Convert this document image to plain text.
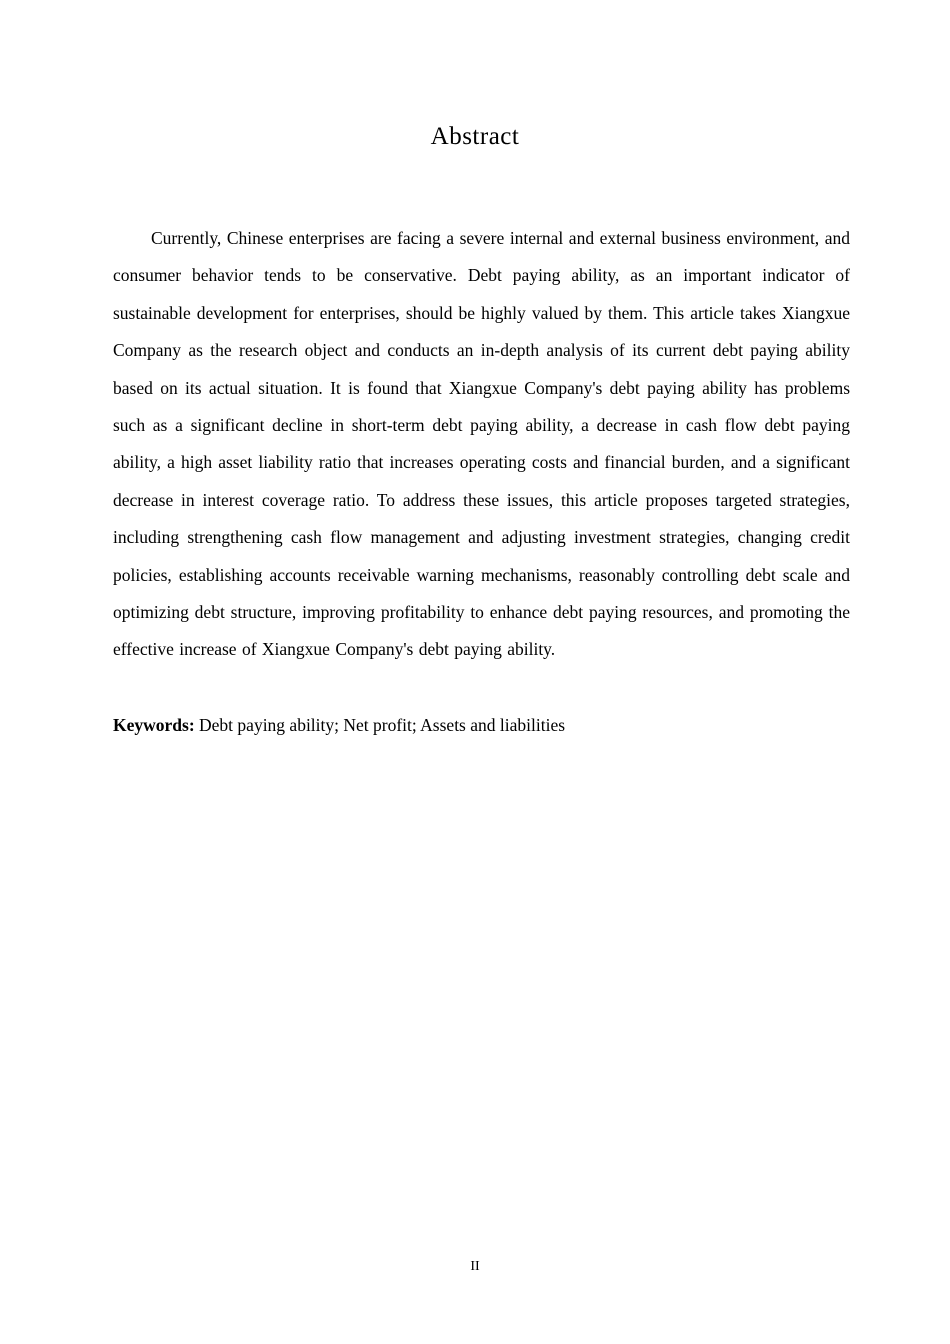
Abstract

Currently, Chinese enterprises are facing a severe internal and external business environment, and consumer behavior tends to be conservative. Debt paying ability, as an important indicator of sustainable development for enterprises, should be highly valued by them. This article takes Xiangxue Company as the research object and conducts an in-depth analysis of its current debt paying ability based on its actual situation. It is found that Xiangxue Company's debt paying ability has problems such as a significant decline in short-term debt paying ability, a decrease in cash flow debt paying ability, a high asset liability ratio that increases operating costs and financial burden, and a significant decrease in interest coverage ratio. To address these issues, this article proposes targeted strategies, including strengthening cash flow management and adjusting investment strategies, changing credit policies, establishing accounts receivable warning mechanisms, reasonably controlling debt scale and optimizing debt structure, improving profitability to enhance debt paying resources, and promoting the effective increase of Xiangxue Company's debt paying ability.

Keywords: Debt paying ability; Net profit; Assets and liabilities

II
